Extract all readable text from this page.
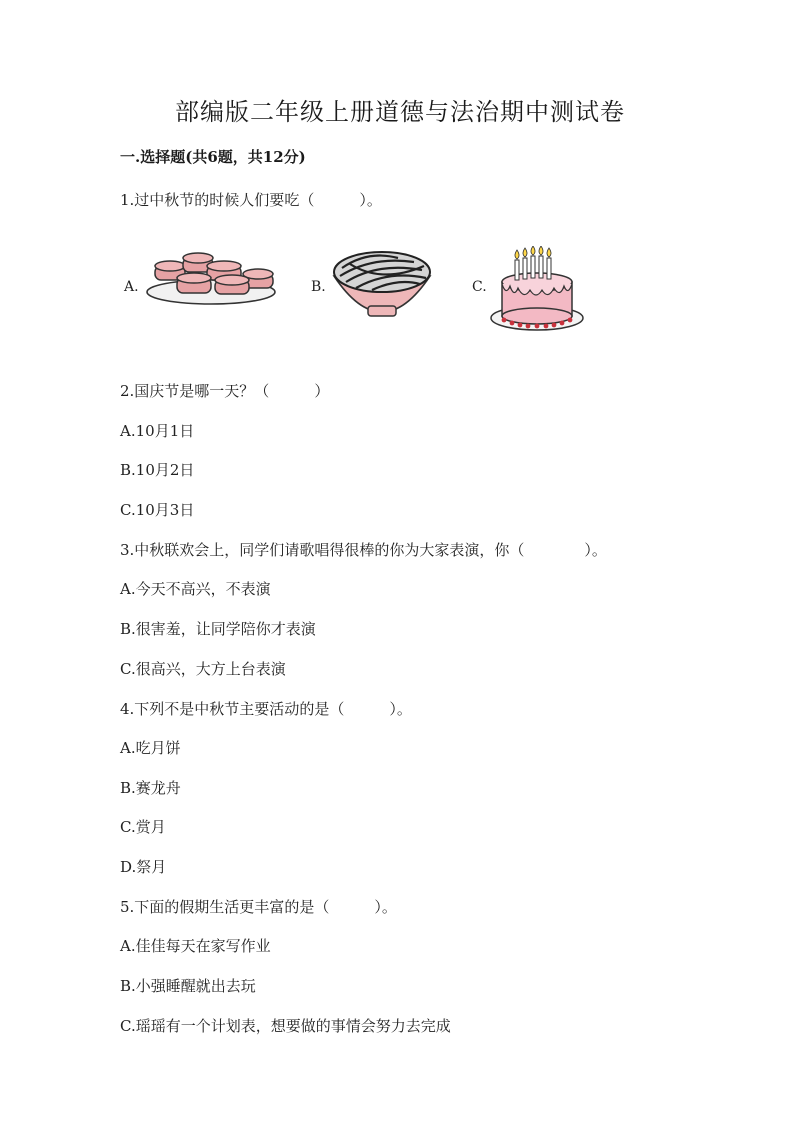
部编版二年级上册道德与法治期中测试卷
一.选择题(共6题，共12分)
1.过中秋节的时候人们要吃（　　　）。
A.	B.	C.
2.国庆节是哪一天？（　　　）
A.10月1日
B.10月2日
C.10月3日
3.中秋联欢会上，同学们请歌唱得很棒的你为大家表演，你（　　　　）。
A.今天不高兴，不表演
B.很害羞，让同学陪你才表演
C.很高兴，大方上台表演
4.下列不是中秋节主要活动的是（　　　）。
A.吃月饼
B.赛龙舟
C.赏月
D.祭月
5.下面的假期生活更丰富的是（　　　）。
A.佳佳每天在家写作业
B.小强睡醒就出去玩
C.瑶瑶有一个计划表，想要做的事情会努力去完成
